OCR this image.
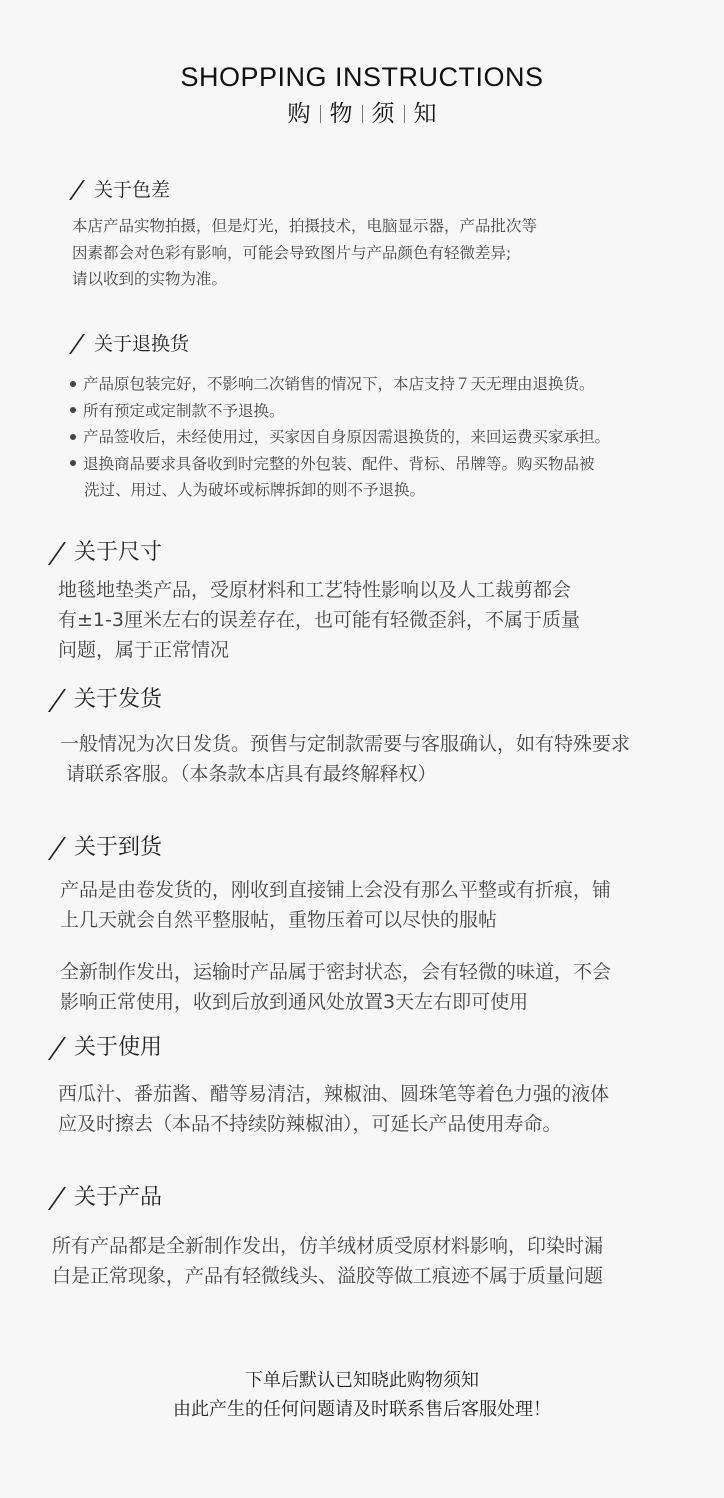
SHOPPING INSTRUCTIONS
购 物 须 知
关于色差
本店产品实物拍摄，但是灯光，拍摄技术，电脑显示器，产品批次等
因素都会对色彩有影响，可能会导致图片与产品颜色有轻微差异;
请以收到的实物为准。
关于退换货
产品原包装完好，不影响二次销售的情况下，本店支持７天无理由退换货。
所有预定或定制款不予退换。
产品签收后，未经使用过，买家因自身原因需退换货的，来回运费买家承担。
退换商品要求具备收到时完整的外包装、配件、背标、吊牌等。购买物品被
洗过、用过、人为破坏或标牌拆卸的则不予退换。
关于尺寸
地毯地垫类产品，受原材料和工艺特性影响以及人工裁剪都会
有±1-3厘米左右的误差存在，也可能有轻微歪斜，不属于质量
问题，属于正常情况
关于发货
一般情况为次日发货。预售与定制款需要与客服确认，如有特殊要求
请联系客服。（本条款本店具有最终解释权）
关于到货
产品是由卷发货的，刚收到直接铺上会没有那么平整或有折痕，铺
上几天就会自然平整服帖，重物压着可以尽快的服帖
全新制作发出，运输时产品属于密封状态，会有轻微的味道，不会
影响正常使用，收到后放到通风处放置3天左右即可使用
关于使用
西瓜汁、番茄酱、醋等易清洁，辣椒油、圆珠笔等着色力强的液体
应及时擦去（本品不持续防辣椒油），可延长产品使用寿命。
关于产品
所有产品都是全新制作发出，仿羊绒材质受原材料影响，印染时漏
白是正常现象，产品有轻微线头、溢胶等做工痕迹不属于质量问题
下单后默认已知晓此购物须知
由此产生的任何问题请及时联系售后客服处理！
